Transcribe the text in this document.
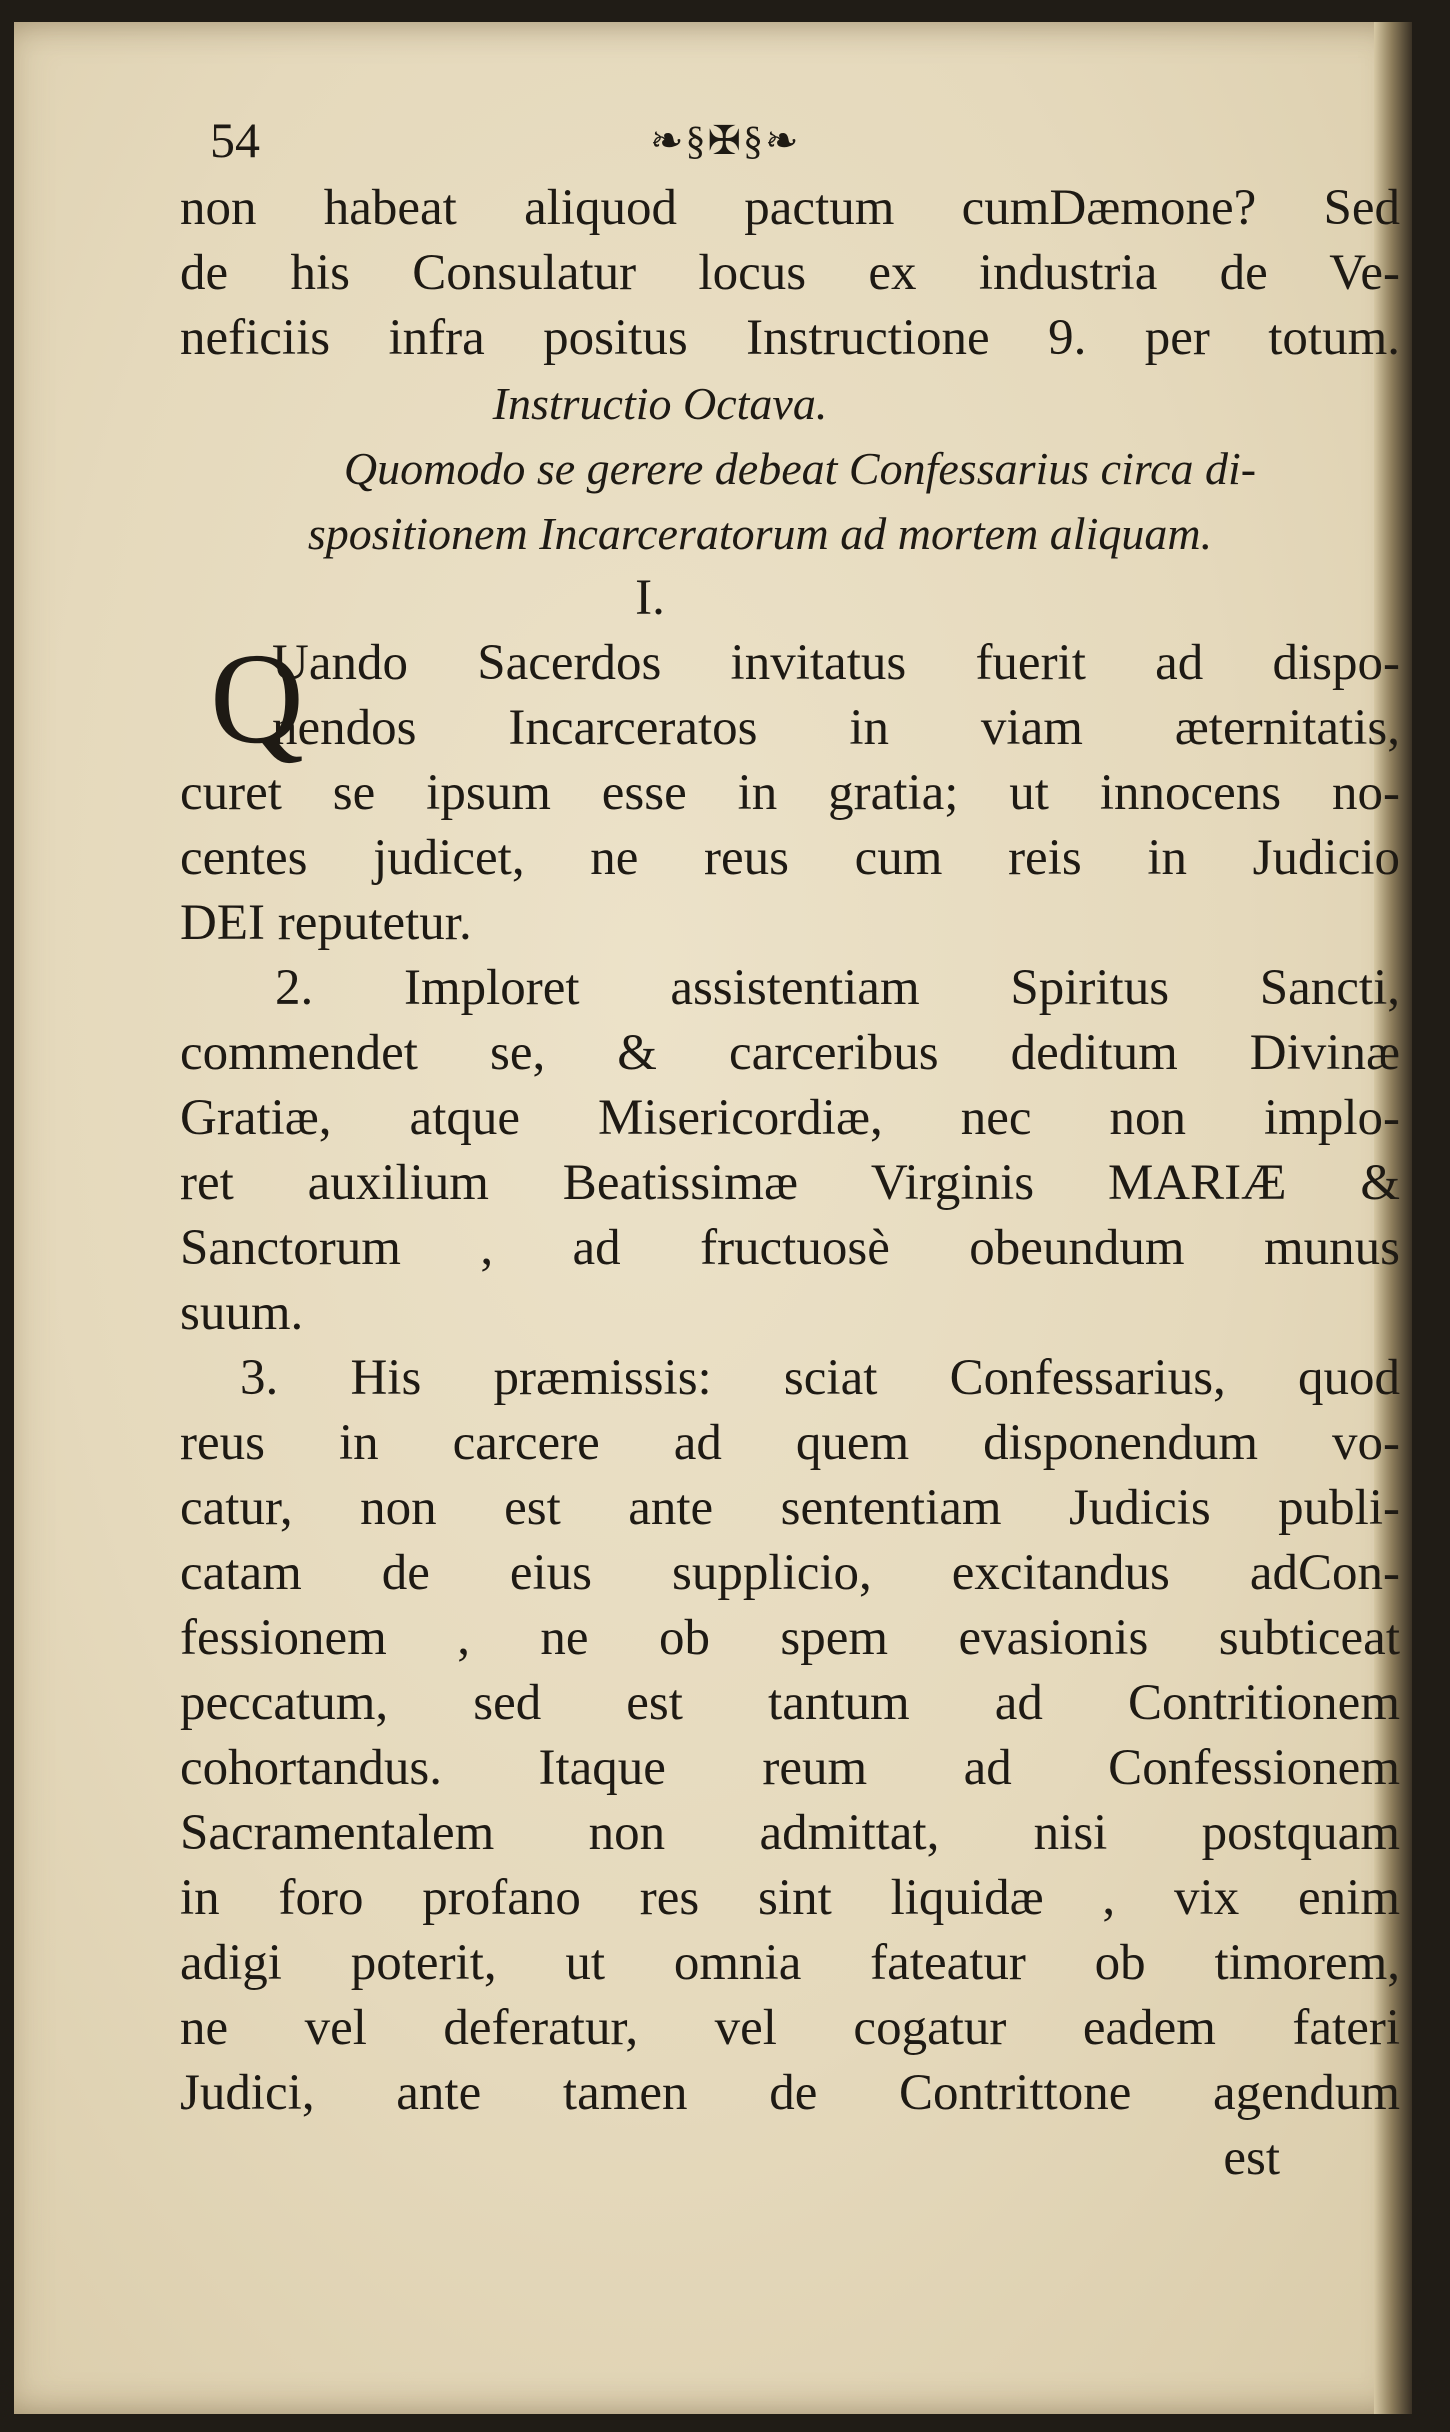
54	❧§✠§❧
non habeat aliquod pactum cumDæmone? Sed
de his Consulatur locus ex industria de Ve-
neficiis infra positus Instructione 9. per totum.
Instructio Octava.
Quomodo se gerere debeat Confessarius circa di-
spositionem Incarceratorum ad mortem aliquam.
I.
Q
Uando Sacerdos invitatus fuerit ad dispo-
nendos Incarceratos in viam æternitatis,
curet se ipsum esse in gratia; ut innocens no-
centes judicet, ne reus cum reis in Judicio
DEI reputetur.
2. Imploret assistentiam Spiritus Sancti,
commendet se, & carceribus deditum Divinæ
Gratiæ, atque Misericordiæ, nec non implo-
ret auxilium Beatissimæ Virginis MARIÆ &
Sanctorum , ad fructuosè obeundum munus
suum.
3. His præmissis: sciat Confessarius, quod
reus in carcere ad quem disponendum vo-
catur, non est ante sententiam Judicis publi-
catam de eius supplicio, excitandus adCon-
fessionem , ne ob spem evasionis subticeat
peccatum, sed est tantum ad Contritionem
cohortandus. Itaque reum ad Confessionem
Sacramentalem non admittat, nisi postquam
in foro profano res sint liquidæ , vix enim
adigi poterit, ut omnia fateatur ob timorem,
ne vel deferatur, vel cogatur eadem fateri
Judici, ante tamen de Contrittone agendum
est
